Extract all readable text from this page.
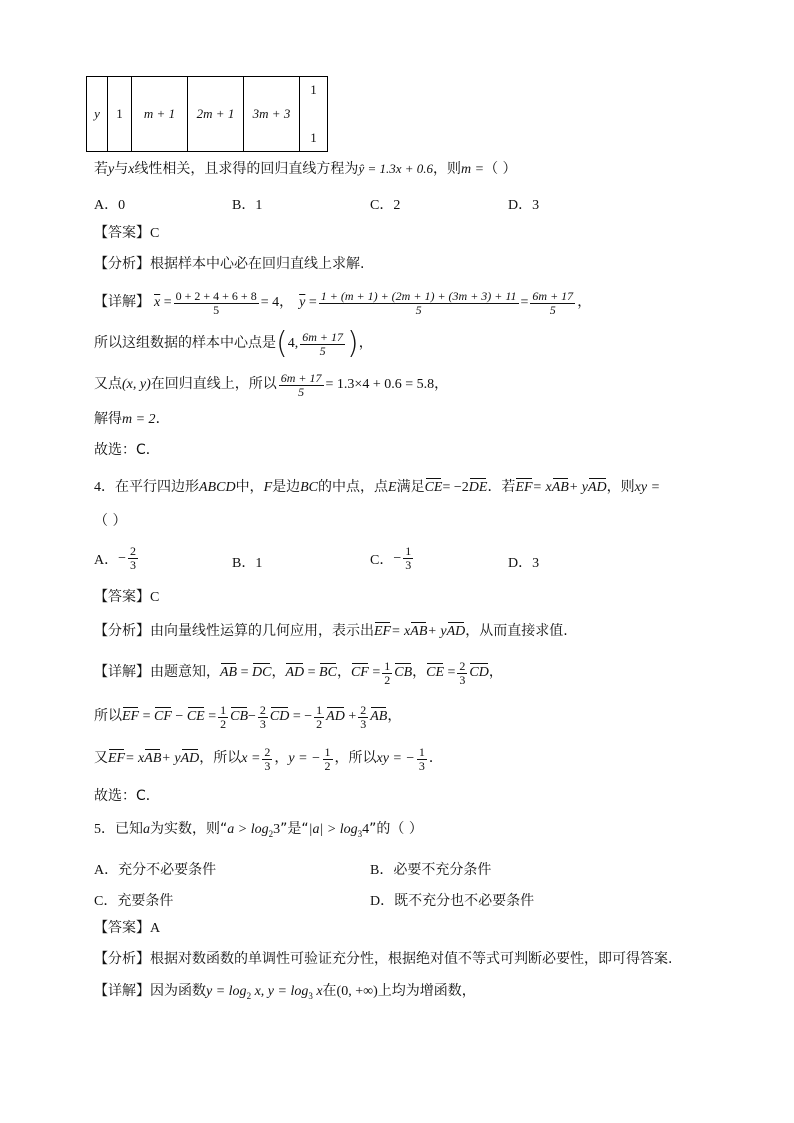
y	1	m + 1	2m + 1	3m + 3	1

1
若y与x线性相关，且求得的回归直线方程为ŷ = 1.3x + 0.6，则m =（ ）
A．0	B．1	C．2	D．3
【答案】C
【分析】根据样本中心必在回归直线上求解.
【详解】 $\overline{x} = \frac{0 + 2 + 4 + 6 + 8}{5} = 4$， $\overline{y} = \frac{1 + (m + 1) + (2m + 1) + (3m + 3) + 11}{5} = \frac{6m + 17}{5}$ ，
所以这组数据的样本中心点是 ( 4, $\frac{6m + 17}{5}$ ) ，
又点 (x, y) 在回归直线上，所以 $\frac{6m + 17}{5} = 1.3\times 4 + 0.6 = 5.8$，
解得m = 2．
故选：C．
4．在平行四边形ABCD中，F是边BC的中点，点E满足CE= −2DE．若EF= xAB+ yAD，则xy =
（ ）
A． − $\frac{2}{3}$	B．1	C． − $\frac{1}{3}$	D．3
【答案】C
【分析】由向量线性运算的几何应用，表示出EF= xAB+ yAD，从而直接求值.
【详解】 由题意知， AB = DC ， AD = BC ， CF = $\frac{1}{2}$ CB ， CE = $\frac{2}{3}$ CD ，
所以 EF = CF − CE = $\frac{1}{2}$ CB − $\frac{2}{3}$ CD = − $\frac{1}{2}$ AD + $\frac{2}{3}$ AB ，
又 EF = x AB + y AD ， 所以 $x = \frac{2}{3}$ ， y = − $\frac{1}{2}$ ， 所以 xy = − $\frac{1}{3}$ ．
故选：C．
5．已知a为实数，则“$a > \log_23$”是“$|a| > \log_34$”的（ ）
A．充分不必要条件	B．必要不充分条件
C．充要条件	D．既不充分也不必要条件
【答案】A
【分析】根据对数函数的单调性可验证充分性，根据绝对值不等式可判断必要性，即可得答案.
【详解】因为函数$y = \log_2 x$, $y = \log_3 x$在(0, +∞)上均为增函数，
